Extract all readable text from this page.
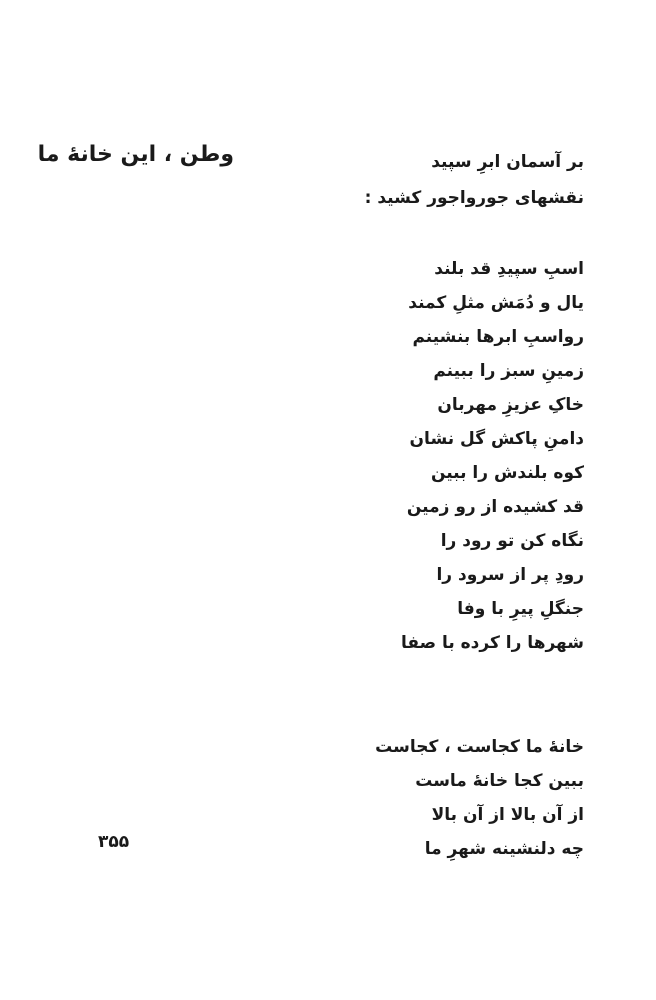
وطن ، این خانهٔ ما	بر آسمان ابرِ سپید
نقشهای جوروا‌جور کشید :
اسبِ سپیدِ قد بلند
یال و دُمَش مثلِ کمند
رواسبِ ابرها بنشینم
زمینِ سبز را ببینم
خاکِ عزیزِ مهربان
دامنِ پاکش گل نشان
کوه بلندش را ببین
قد کشیده از رو زمین
نگاه کن تو رود را
رودِ پر از سرود را
جنگلِ پیرِ با وفا
شهرها را کرده با صفا
خانهٔ ما کجاست ، کجاست
ببین کجا خانهٔ ماست
از آن بالا از آن بالا
چه دلنشینه شهرِ ما
۳۵۵
